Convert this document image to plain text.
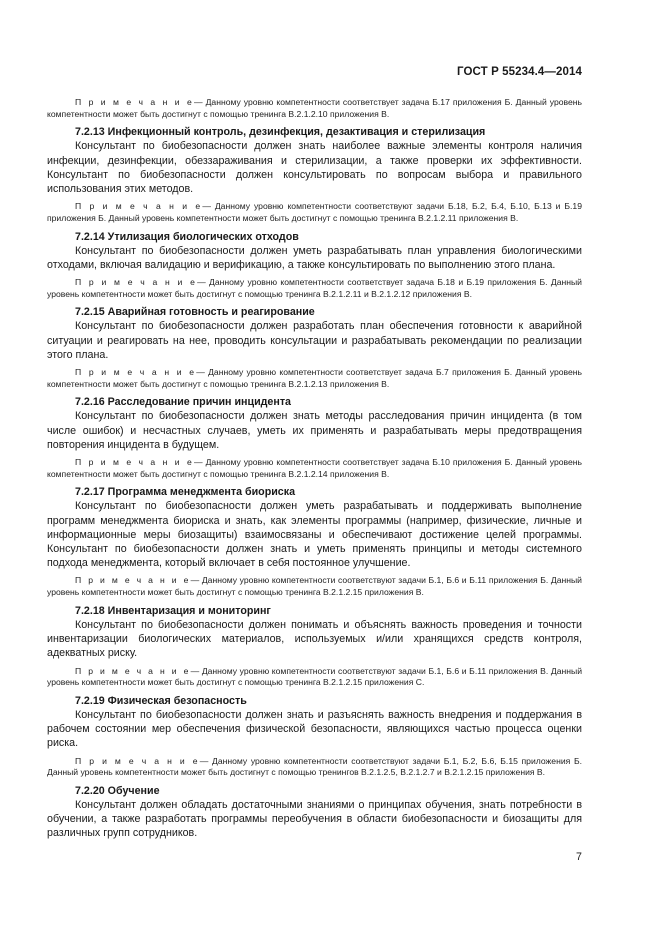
ГОСТ Р 55234.4—2014

П р и м е ч а н и е— Данному уровню компетентности соответствует задача Б.17 приложения Б. Данный уровень компетентности может быть достигнут с помощью тренинга В.2.1.2.10 приложения В.

7.2.13 Инфекционный контроль, дезинфекция, дезактивация и стерилизация

Консультант по биобезопасности должен знать наиболее важные элементы контроля наличия инфекции, дезинфекции, обеззараживания и стерилизации, а также проверки их эффективности. Консультант по биобезопасности должен консультировать по вопросам выбора и правильного использования этих методов.

П р и м е ч а н и е— Данному уровню компетентности соответствуют задачи Б.18, Б.2, Б.4, Б.10, Б.13 и Б.19 приложения Б. Данный уровень компетентности может быть достигнут с помощью тренинга В.2.1.2.11 приложения В.

7.2.14 Утилизация биологических отходов

Консультант по биобезопасности должен уметь разрабатывать план управления биологическими отходами, включая валидацию и верификацию, а также консультировать по выполнению этого плана.

П р и м е ч а н и е— Данному уровню компетентности соответствует задача Б.18 и Б.19 приложения Б. Данный уровень компетентности может быть достигнут с помощью тренинга В.2.1.2.11 и В.2.1.2.12 приложения В.

7.2.15 Аварийная готовность и реагирование

Консультант по биобезопасности должен разработать план обеспечения готовности к аварийной ситуации и реагировать на нее, проводить консультации и разрабатывать рекомендации по реализации этого плана.

П р и м е ч а н и е— Данному уровню компетентности соответствует задача Б.7 приложения Б. Данный уровень компетентности может быть достигнут с помощью тренинга В.2.1.2.13 приложения В.

7.2.16 Расследование причин инцидента

Консультант по биобезопасности должен знать методы расследования причин инцидента (в том числе ошибок) и несчастных случаев, уметь их применять и разрабатывать меры предотвращения повторения инцидента в будущем.

П р и м е ч а н и е— Данному уровню компетентности соответствует задача Б.10 приложения Б. Данный уровень компетентности может быть достигнут с помощью тренинга В.2.1.2.14 приложения В.

7.2.17 Программа менеджмента биориска

Консультант по биобезопасности должен уметь разрабатывать и поддерживать выполнение программ менеджмента биориска и знать, как элементы программы (например, физические, личные и информационные меры биозащиты) взаимосвязаны и обеспечивают достижение целей программы. Консультант по биобезопасности должен знать и уметь применять принципы и методы системного подхода менеджмента, который включает в себя постоянное улучшение.

П р и м е ч а н и е— Данному уровню компетентности соответствуют задачи Б.1, Б.6 и Б.11 приложения Б. Данный уровень компетентности может быть достигнут с помощью тренинга В.2.1.2.15 приложения В.

7.2.18 Инвентаризация и мониторинг

Консультант по биобезопасности должен понимать и объяснять важность проведения и точности инвентаризации биологических материалов, используемых и/или хранящихся средств контроля, адекватных риску.

П р и м е ч а н и е— Данному уровню компетентности соответствуют задачи Б.1, Б.6 и Б.11 приложения В. Данный уровень компетентности может быть достигнут с помощью тренинга В.2.1.2.15 приложения С.

7.2.19 Физическая безопасность

Консультант по биобезопасности должен знать и разъяснять важность внедрения и поддержания в рабочем состоянии мер обеспечения физической безопасности, являющихся частью процесса оценки риска.

П р и м е ч а н и е— Данному уровню компетентности соответствуют задачи Б.1, Б.2, Б.6, Б.15 приложения Б. Данный уровень компетентности может быть достигнут с помощью тренингов В.2.1.2.5, В.2.1.2.7 и В.2.1.2.15 приложения В.

7.2.20 Обучение

Консультант должен обладать достаточными знаниями о принципах обучения, знать потребности в обучении, а также разработать программы переобучения в области биобезопасности и биозащиты для различных групп сотрудников.

7
